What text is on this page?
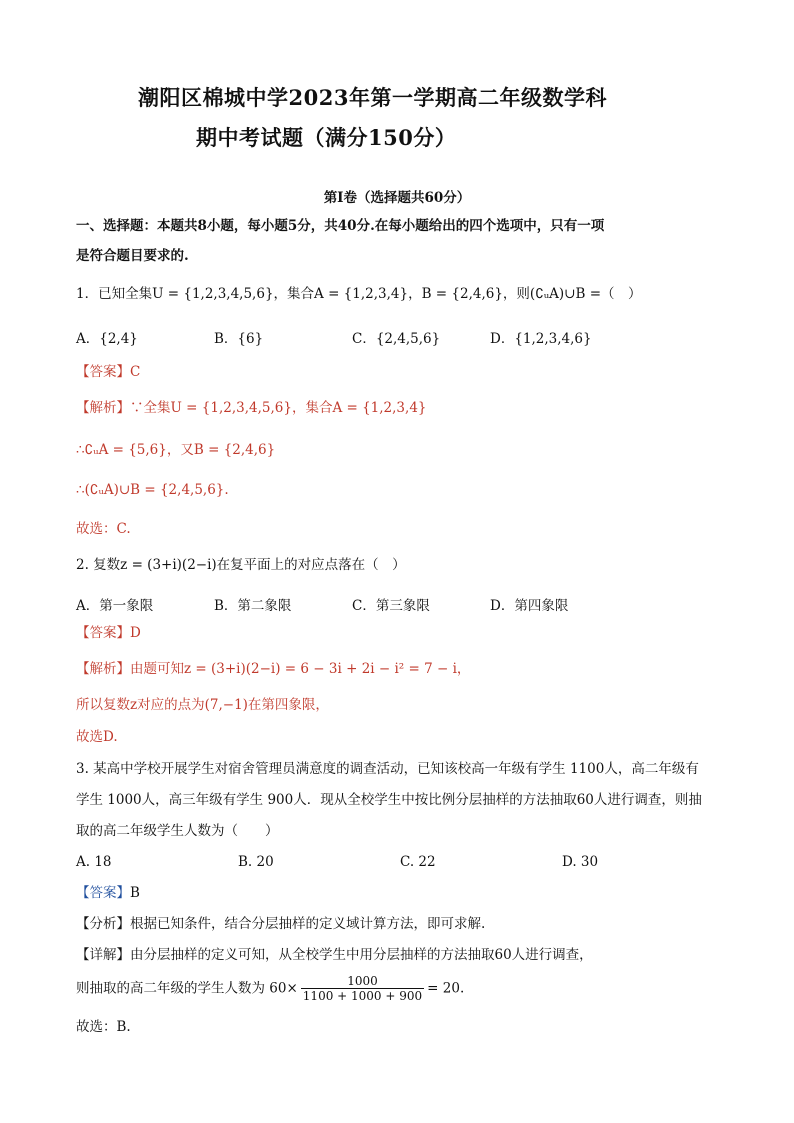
潮阳区棉城中学2023年第一学期高二年级数学科
期中考试题（满分150分）
第Ⅰ卷（选择题共60分）
一、选择题：本题共8小题，每小题5分，共40分.在每小题给出的四个选项中，只有一项
是符合题目要求的.
1．已知全集U = {1,2,3,4,5,6}，集合A = {1,2,3,4}，B = {2,4,6}，则(∁ᵤA)∪B =（　）
A．{2,4}	B．{6}	C．{2,4,5,6}	D．{1,2,3,4,6}
【答案】C
【解析】∵全集U = {1,2,3,4,5,6}，集合A = {1,2,3,4}
∴∁ᵤA = {5,6}，又B = {2,4,6}
∴(∁ᵤA)∪B = {2,4,5,6}.
故选：C.
2. 复数z = (3+i)(2−i)在复平面上的对应点落在（　）
A．第一象限	B．第二象限	C．第三象限	D．第四象限
【答案】D
【解析】由题可知z = (3+i)(2−i) = 6 − 3i + 2i − i² = 7 − i，
所以复数z对应的点为(7,−1)在第四象限，
故选D.
3. 某高中学校开展学生对宿舍管理员满意度的调查活动，已知该校高一年级有学生 1100人，高二年级有
学生 1000人，高三年级有学生 900人．现从全校学生中按比例分层抽样的方法抽取60人进行调查，则抽
取的高二年级学生人数为（　　）
A. 18	B. 20	C. 22	D. 30
【答案】B
【分析】根据已知条件，结合分层抽样的定义域计算方法，即可求解.
【详解】由分层抽样的定义可知，从全校学生中用分层抽样的方法抽取60人进行调查，
则抽取的高二年级的学生人数为 $60\times \frac{1000}{1100 + 1000 + 900} = 20$.
故选：B.
